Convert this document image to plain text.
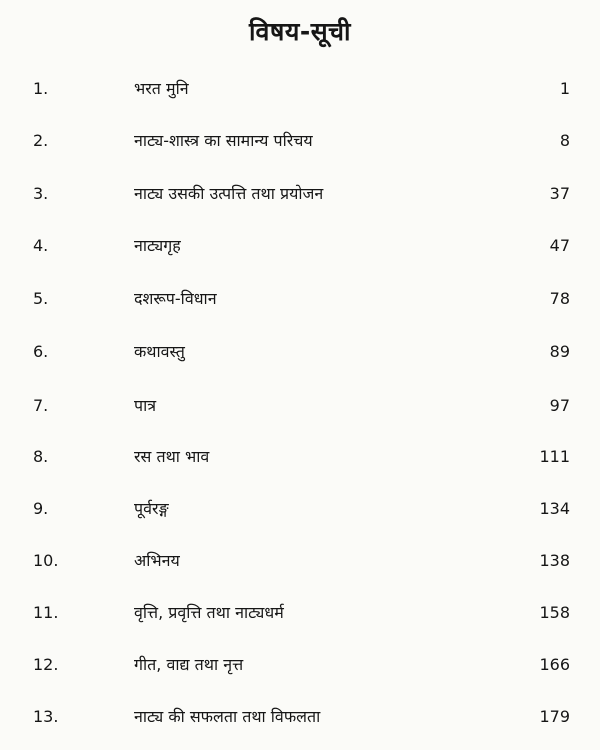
विषय-सूची
1.	भरत मुनि	1
2.	नाट्य-शास्त्र का सामान्य परिचय	8
3.	नाट्य उसकी उत्पत्ति तथा प्रयोजन	37
4.	नाट्यगृह	47
5.	दशरूप-विधान	78
6.	कथावस्तु	89
7.	पात्र	97
8.	रस तथा भाव	111
9.	पूर्वरङ्ग	134
10.	अभिनय	138
11.	वृत्ति, प्रवृत्ति तथा नाट्यधर्म	158
12.	गीत, वाद्य तथा नृत्त	166
13.	नाट्य की सफलता तथा विफलता	179
